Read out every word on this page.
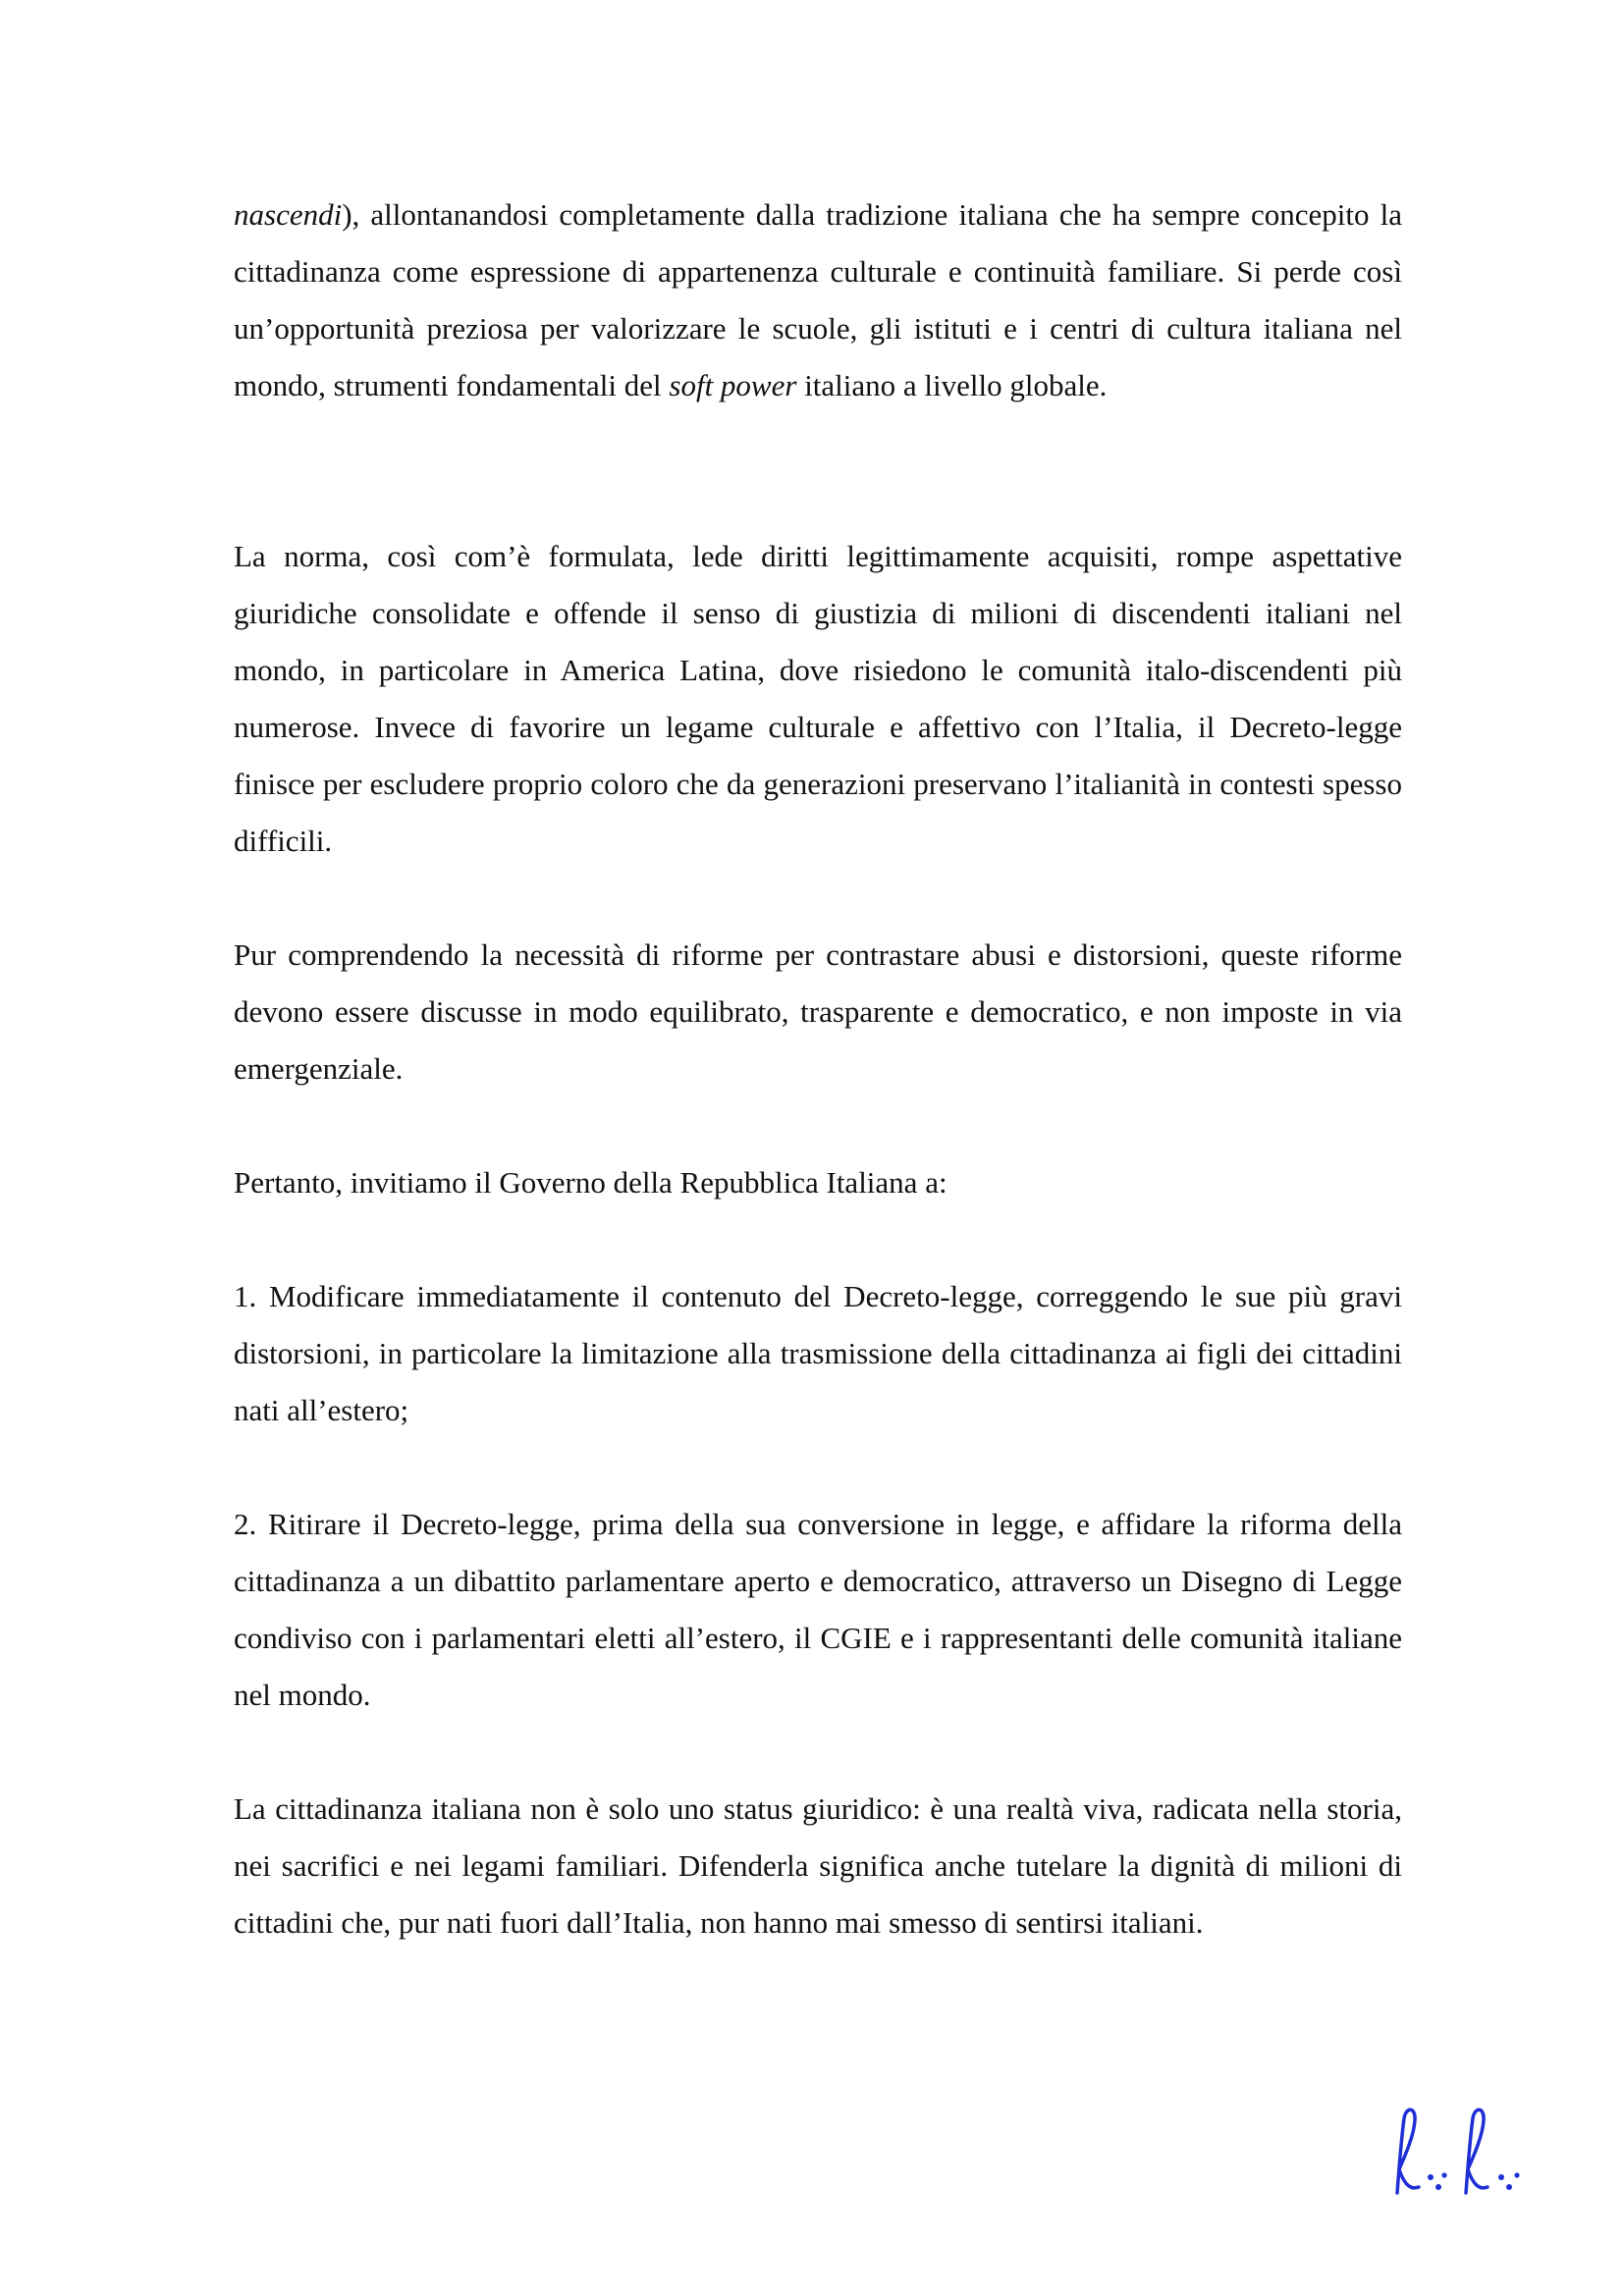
nascendi), allontanandosi completamente dalla tradizione italiana che ha sempre concepito la cittadinanza come espressione di appartenenza culturale e continuità familiare. Si perde così un’opportunità preziosa per valorizzare le scuole, gli istituti e i centri di cultura italiana nel mondo, strumenti fondamentali del soft power italiano a livello globale.

La norma, così com’è formulata, lede diritti legittimamente acquisiti, rompe aspettative giuridiche consolidate e offende il senso di giustizia di milioni di discendenti italiani nel mondo, in particolare in America Latina, dove risiedono le comunità italo-discendenti più numerose. Invece di favorire un legame culturale e affettivo con l’Italia, il Decreto-legge finisce per escludere proprio coloro che da generazioni preservano l’italianità in contesti spesso difficili.

Pur comprendendo la necessità di riforme per contrastare abusi e distorsioni, queste riforme devono essere discusse in modo equilibrato, trasparente e democratico, e non imposte in via emergenziale.

Pertanto, invitiamo il Governo della Repubblica Italiana a:

1. Modificare immediatamente il contenuto del Decreto-legge, correggendo le sue più gravi distorsioni, in particolare la limitazione alla trasmissione della cittadinanza ai figli dei cittadini nati all’estero;

2. Ritirare il Decreto-legge, prima della sua conversione in legge, e affidare la riforma della cittadinanza a un dibattito parlamentare aperto e democratico, attraverso un Disegno di Legge condiviso con i parlamentari eletti all’estero, il CGIE e i rappresentanti delle comunità italiane nel mondo.

La cittadinanza italiana non è solo uno status giuridico: è una realtà viva, radicata nella storia, nei sacrifici e nei legami familiari. Difenderla significa anche tutelare la dignità di milioni di cittadini che, pur nati fuori dall’Italia, non hanno mai smesso di sentirsi italiani.
